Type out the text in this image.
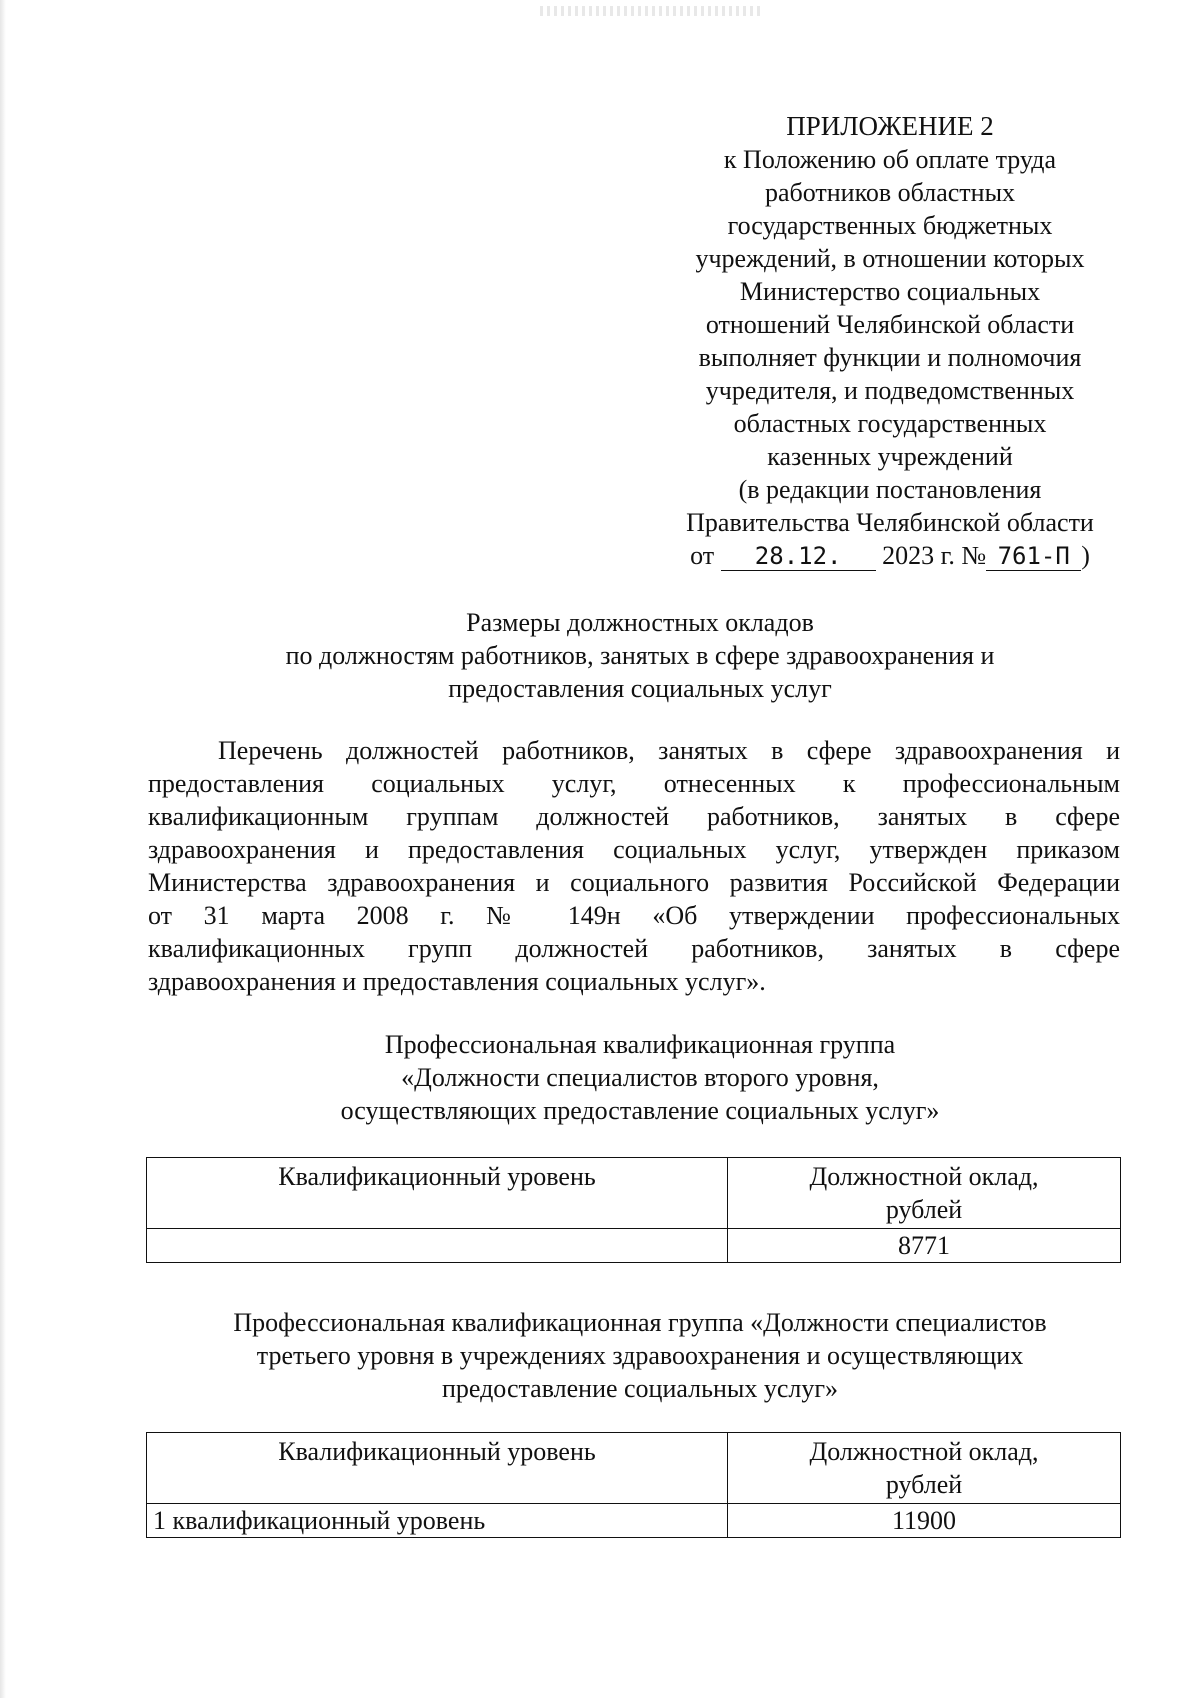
ПРИЛОЖЕНИЕ 2
к Положению об оплате труда
работников областных
государственных бюджетных
учреждений, в отношении которых
Министерство социальных
отношений Челябинской области
выполняет функции и полномочия
учредителя, и подведомственных
областных государственных
казенных учреждений
(в редакции постановления
Правительства Челябинской области
от 28.12. 2023 г. № 761-П )
Размеры должностных окладов
по должностям работников, занятых в сфере здравоохранения и
предоставления социальных услуг
Перечень должностей работников, занятых в сфере здравоохранения и
предоставления социальных услуг, отнесенных к профессиональным
квалификационным группам должностей работников, занятых в сфере
здравоохранения и предоставления социальных услуг, утвержден приказом
Министерства здравоохранения и социального развития Российской Федерации
от 31 марта 2008 г. № 149н «Об утверждении профессиональных
квалификационных групп должностей работников, занятых в сфере
здравоохранения и предоставления социальных услуг».
Профессиональная квалификационная группа
«Должности специалистов второго уровня,
осуществляющих предоставление социальных услуг»
Квалификационный уровень	Должностной оклад,
рублей

	8771
Профессиональная квалификационная группа «Должности специалистов
третьего уровня в учреждениях здравоохранения и осуществляющих
предоставление социальных услуг»
Квалификационный уровень	Должностной оклад,
рублей

1 квалификационный уровень	11900
